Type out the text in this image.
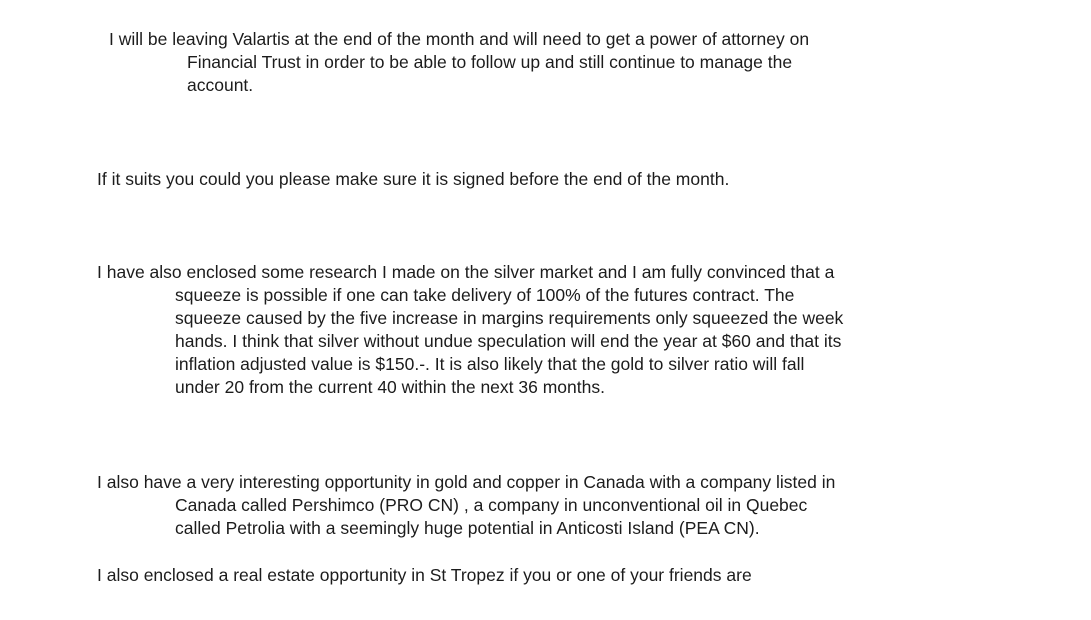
I will be leaving Valartis at the end of the month and will need to get a power of attorney on
Financial Trust in order to be able to follow up and still continue to manage the
account.

If it suits you could you please make sure it is signed before the end of the month.

I have also enclosed some research I made on the silver market and I am fully convinced that a
squeeze is possible if one can take delivery of 100% of the futures contract. The
squeeze caused by the five increase in margins requirements only squeezed the week
hands. I think that silver without undue speculation will end the year at $60 and that its
inflation adjusted value is $150.-. It is also likely that the gold to silver ratio will fall
under 20 from the current 40 within the next 36 months.

I also have a very interesting opportunity in gold and copper in Canada with a company listed in
Canada called Pershimco (PRO CN) , a company in unconventional oil in Quebec
called Petrolia with a seemingly huge potential in Anticosti Island (PEA CN).

I also enclosed a real estate opportunity in St Tropez if you or one of your friends are
